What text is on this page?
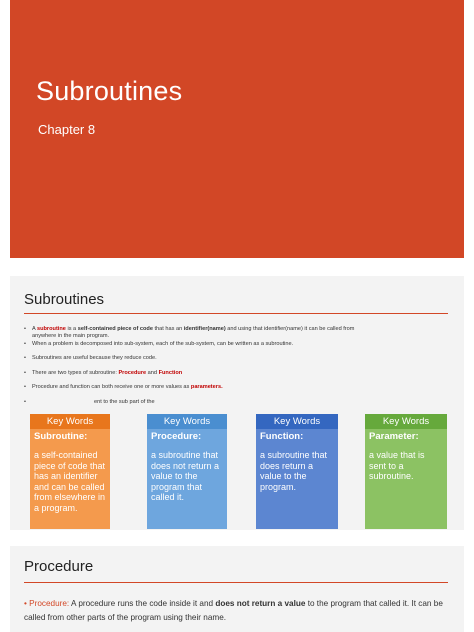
Subroutines
Chapter 8
Subroutines
• A subroutine is a self-contained piece of code that has an identifier(name) and using that identifier(name) it can be called from
anywhere in the main program.
• When a problem is decomposed into sub-system, each of the sub-system, can be written as a subroutine.
• Subroutines are useful because they reduce code.
• There are two types of subroutine: Procedure and Function
• Procedure and function can both receive one or more values as parameters.
• ent to the sub part of the
Key Words
Subroutine:
a self-contained piece of code that has an identifier and can be called from elsewhere in a program.
Key Words
Procedure:
a subroutine that does not return a value to the program that called it.
Key Words
Function:
a subroutine that does return a value to the program.
Key Words
Parameter:
a value that is sent to a subroutine.
Procedure
• Procedure: A procedure runs the code inside it and does not return a value to the program that called it. It can be called from other parts of the program using their name.
